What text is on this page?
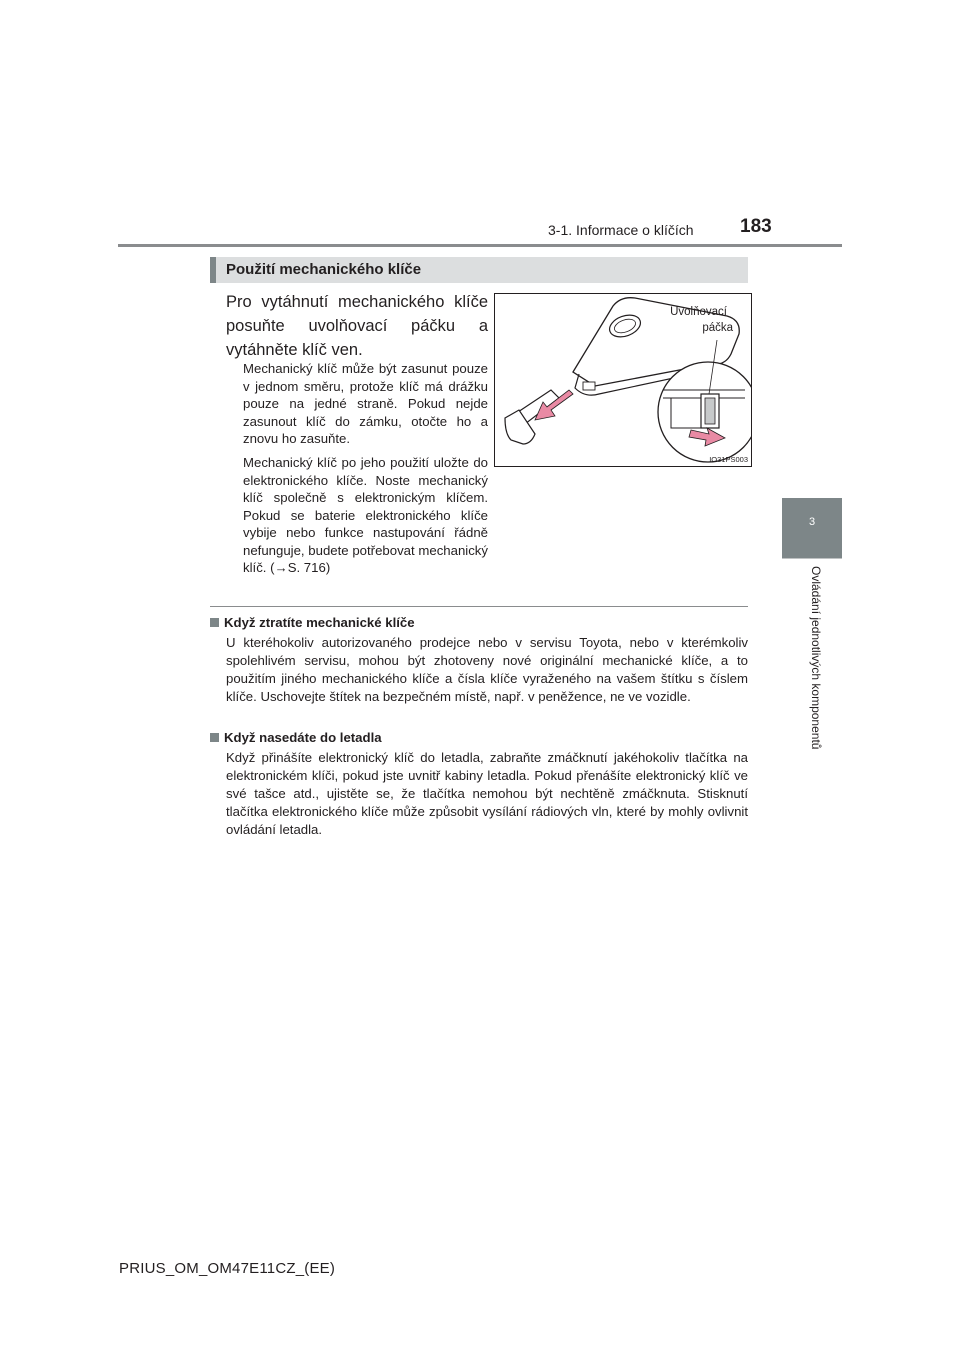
3-1. Informace o klíčích 183
3
Ovládání jednotlivých komponentů
Použití mechanického klíče
Pro vytáhnutí mechanického klíče posuňte uvolňovací páčku a vytáhněte klíč ven.
Mechanický klíč může být zasunut pouze v jednom směru, protože klíč má drážku pouze na jedné straně. Pokud nejde zasunout klíč do zámku, otočte ho a znovu ho zasuňte.
Mechanický klíč po jeho použití uložte do elektronického klíče. Noste mechanický klíč společně s elektronickým klíčem. Pokud se baterie elektronického klíče vybije nebo funkce nastupování řádně nefunguje, budete potřebovat mechanický klíč. (→S. 716)
Uvolňovací
páčka
IO31PS003
Když ztratíte mechanické klíče
U kteréhokoliv autorizovaného prodejce nebo v servisu Toyota, nebo v kterémkoliv spolehlivém servisu, mohou být zhotoveny nové originální mechanické klíče, a to použitím jiného mechanického klíče a čísla klíče vyraženého na vašem štítku s číslem klíče. Uschovejte štítek na bezpečném místě, např. v peněžence, ne ve vozidle.
Když nasedáte do letadla
Když přinášíte elektronický klíč do letadla, zabraňte zmáčknutí jakéhokoliv tlačítka na elektronickém klíči, pokud jste uvnitř kabiny letadla. Pokud přenášíte elektronický klíč ve své tašce atd., ujistěte se, že tlačítka nemohou být nechtěně zmáčknuta. Stisknutí tlačítka elektronického klíče může způsobit vysílání rádiových vln, které by mohly ovlivnit ovládání letadla.
PRIUS_OM_OM47E11CZ_(EE)
